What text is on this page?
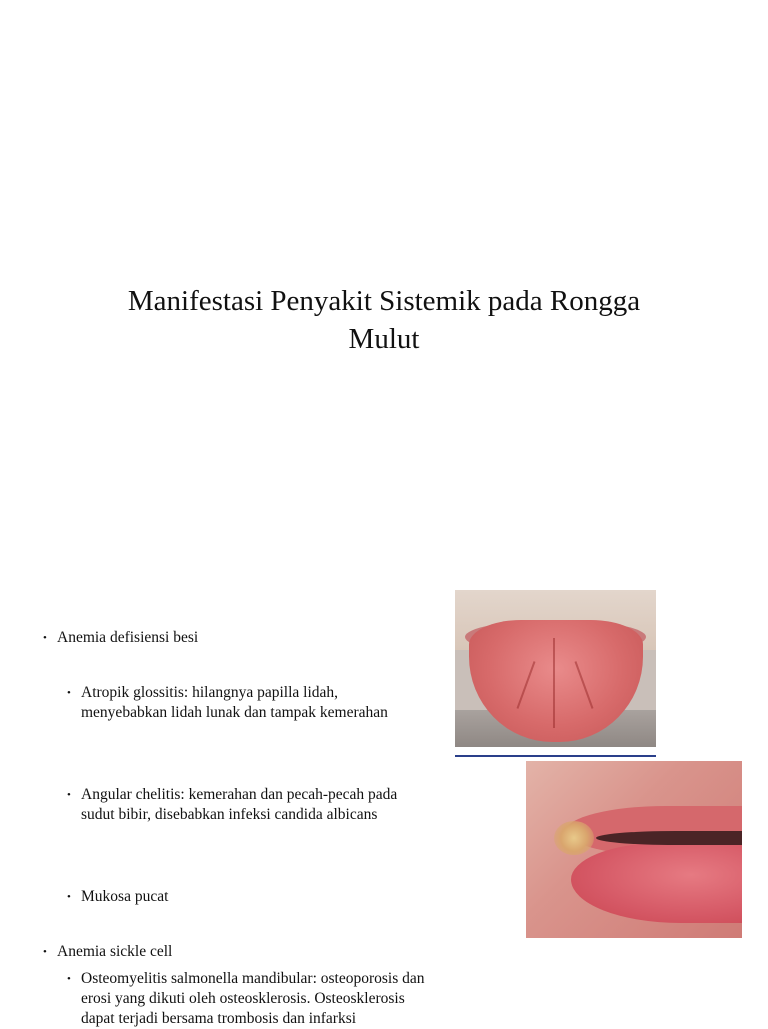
Manifestasi Penyakit Sistemik pada Rongga
Mulut
• Anemia defisiensi besi
• Atropik glossitis: hilangnya papilla lidah,
menyebabkan lidah lunak dan tampak kemerahan
• Angular chelitis: kemerahan dan pecah-pecah pada
sudut bibir, disebabkan infeksi candida albicans
• Mukosa pucat
• Anemia sickle cell
• Osteomyelitis salmonella mandibular: osteoporosis dan
erosi yang dikuti oleh osteosklerosis. Osteosklerosis
dapat terjadi bersama trombosis dan infarksi
